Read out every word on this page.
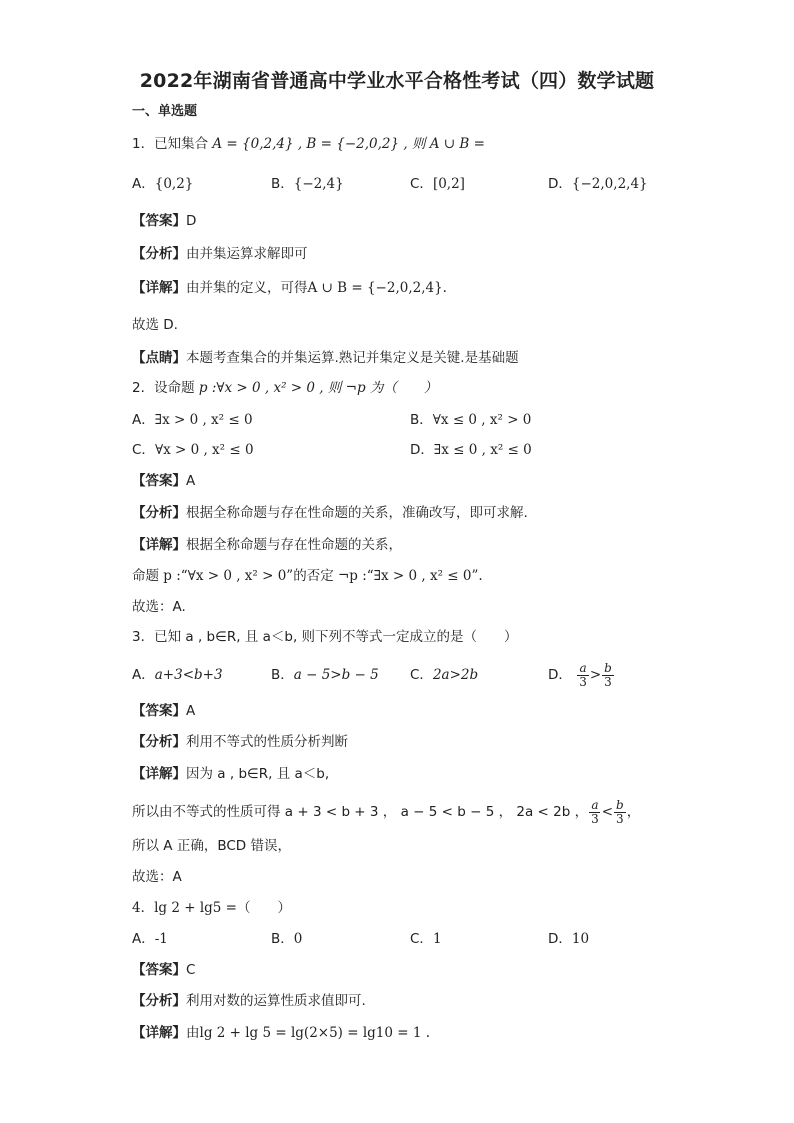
2022年湖南省普通高中学业水平合格性考试（四）数学试题
一、单选题
1．已知集合 A = {0,2,4} , B = {−2,0,2} , 则 A ∪ B =
A．{0,2}	B．{−2,4}	C．[0,2]	D．{−2,0,2,4}
【答案】D
【分析】由并集运算求解即可
【详解】由并集的定义，可得A ∪ B = {−2,0,2,4}.
故选 D.
【点睛】本题考查集合的并集运算.熟记并集定义是关键.是基础题
2．设命题 p :∀x > 0 , x² > 0 , 则 ¬p 为（　　）
A．∃x > 0 , x² ≤ 0	B．∀x ≤ 0 , x² > 0
C．∀x > 0 , x² ≤ 0	D．∃x ≤ 0 , x² ≤ 0
【答案】A
【分析】根据全称命题与存在性命题的关系，准确改写，即可求解.
【详解】根据全称命题与存在性命题的关系，
命题 p :“∀x > 0 , x² > 0”的否定 ¬p :“∃x > 0 , x² ≤ 0”.
故选：A.
3．已知 a , b∈R, 且 a＜b, 则下列不等式一定成立的是（　　）
A．a+3<b+3	B．a − 5>b − 5 C．2a>2b	D． $\frac{a}{3} > \frac{b}{3}$
【答案】A
【分析】利用不等式的性质分析判断
【详解】因为 a , b∈R, 且 a＜b,
所以由不等式的性质可得 a + 3 < b + 3 ， a − 5 < b − 5 ， 2a < 2b ， $\frac{a}{3} < \frac{b}{3}$ ，
所以 A 正确，BCD 错误，
故选：A
4．lg 2 + lg5 =（　　）
A．-1	B．0	C．1	D．10
【答案】C
【分析】利用对数的运算性质求值即可.
【详解】由lg 2 + lg 5 = lg(2×5) = lg10 = 1 .
